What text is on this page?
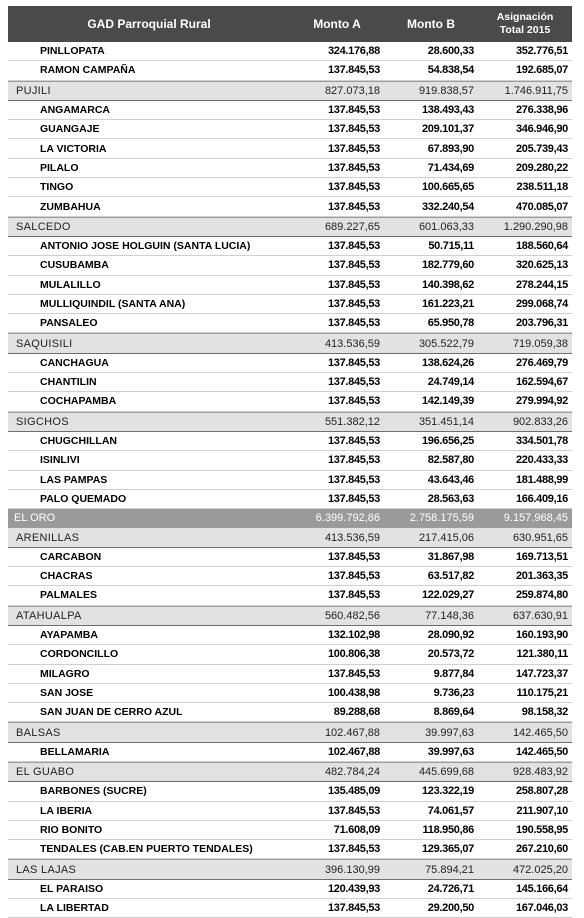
GAD Parroquial Rural	Monto A	Monto B	Asignación
Total 2015
PINLLOPATA	324.176,88	28.600,33	352.776,51
RAMON CAMPAÑA	137.845,53	54.838,54	192.685,07
PUJILI	827.073,18	919.838,57	1.746.911,75
ANGAMARCA	137.845,53	138.493,43	276.338,96
GUANGAJE	137.845,53	209.101,37	346.946,90
LA VICTORIA	137.845,53	67.893,90	205.739,43
PILALO	137.845,53	71.434,69	209.280,22
TINGO	137.845,53	100.665,65	238.511,18
ZUMBAHUA	137.845,53	332.240,54	470.085,07
SALCEDO	689.227,65	601.063,33	1.290.290,98
ANTONIO JOSE HOLGUIN (SANTA LUCIA)	137.845,53	50.715,11	188.560,64
CUSUBAMBA	137.845,53	182.779,60	320.625,13
MULALILLO	137.845,53	140.398,62	278.244,15
MULLIQUINDIL (SANTA ANA)	137.845,53	161.223,21	299.068,74
PANSALEO	137.845,53	65.950,78	203.796,31
SAQUISILI	413.536,59	305.522,79	719.059,38
CANCHAGUA	137.845,53	138.624,26	276.469,79
CHANTILIN	137.845,53	24.749,14	162.594,67
COCHAPAMBA	137.845,53	142.149,39	279.994,92
SIGCHOS	551.382,12	351.451,14	902.833,26
CHUGCHILLAN	137.845,53	196.656,25	334.501,78
ISINLIVI	137.845,53	82.587,80	220.433,33
LAS PAMPAS	137.845,53	43.643,46	181.488,99
PALO QUEMADO	137.845,53	28.563,63	166.409,16
EL ORO	6.399.792,86	2.758.175,59	9.157.968,45
ARENILLAS	413.536,59	217.415,06	630.951,65
CARCABON	137.845,53	31.867,98	169.713,51
CHACRAS	137.845,53	63.517,82	201.363,35
PALMALES	137.845,53	122.029,27	259.874,80
ATAHUALPA	560.482,56	77.148,36	637.630,91
AYAPAMBA	132.102,98	28.090,92	160.193,90
CORDONCILLO	100.806,38	20.573,72	121.380,11
MILAGRO	137.845,53	9.877,84	147.723,37
SAN JOSE	100.438,98	9.736,23	110.175,21
SAN JUAN DE CERRO AZUL	89.288,68	8.869,64	98.158,32
BALSAS	102.467,88	39.997,63	142.465,50
BELLAMARIA	102.467,88	39.997,63	142.465,50
EL GUABO	482.784,24	445.699,68	928.483,92
BARBONES (SUCRE)	135.485,09	123.322,19	258.807,28
LA IBERIA	137.845,53	74.061,57	211.907,10
RIO BONITO	71.608,09	118.950,86	190.558,95
TENDALES (CAB.EN PUERTO TENDALES)	137.845,53	129.365,07	267.210,60
LAS LAJAS	396.130,99	75.894,21	472.025,20
EL PARAISO	120.439,93	24.726,71	145.166,64
LA LIBERTAD	137.845,53	29.200,50	167.046,03
